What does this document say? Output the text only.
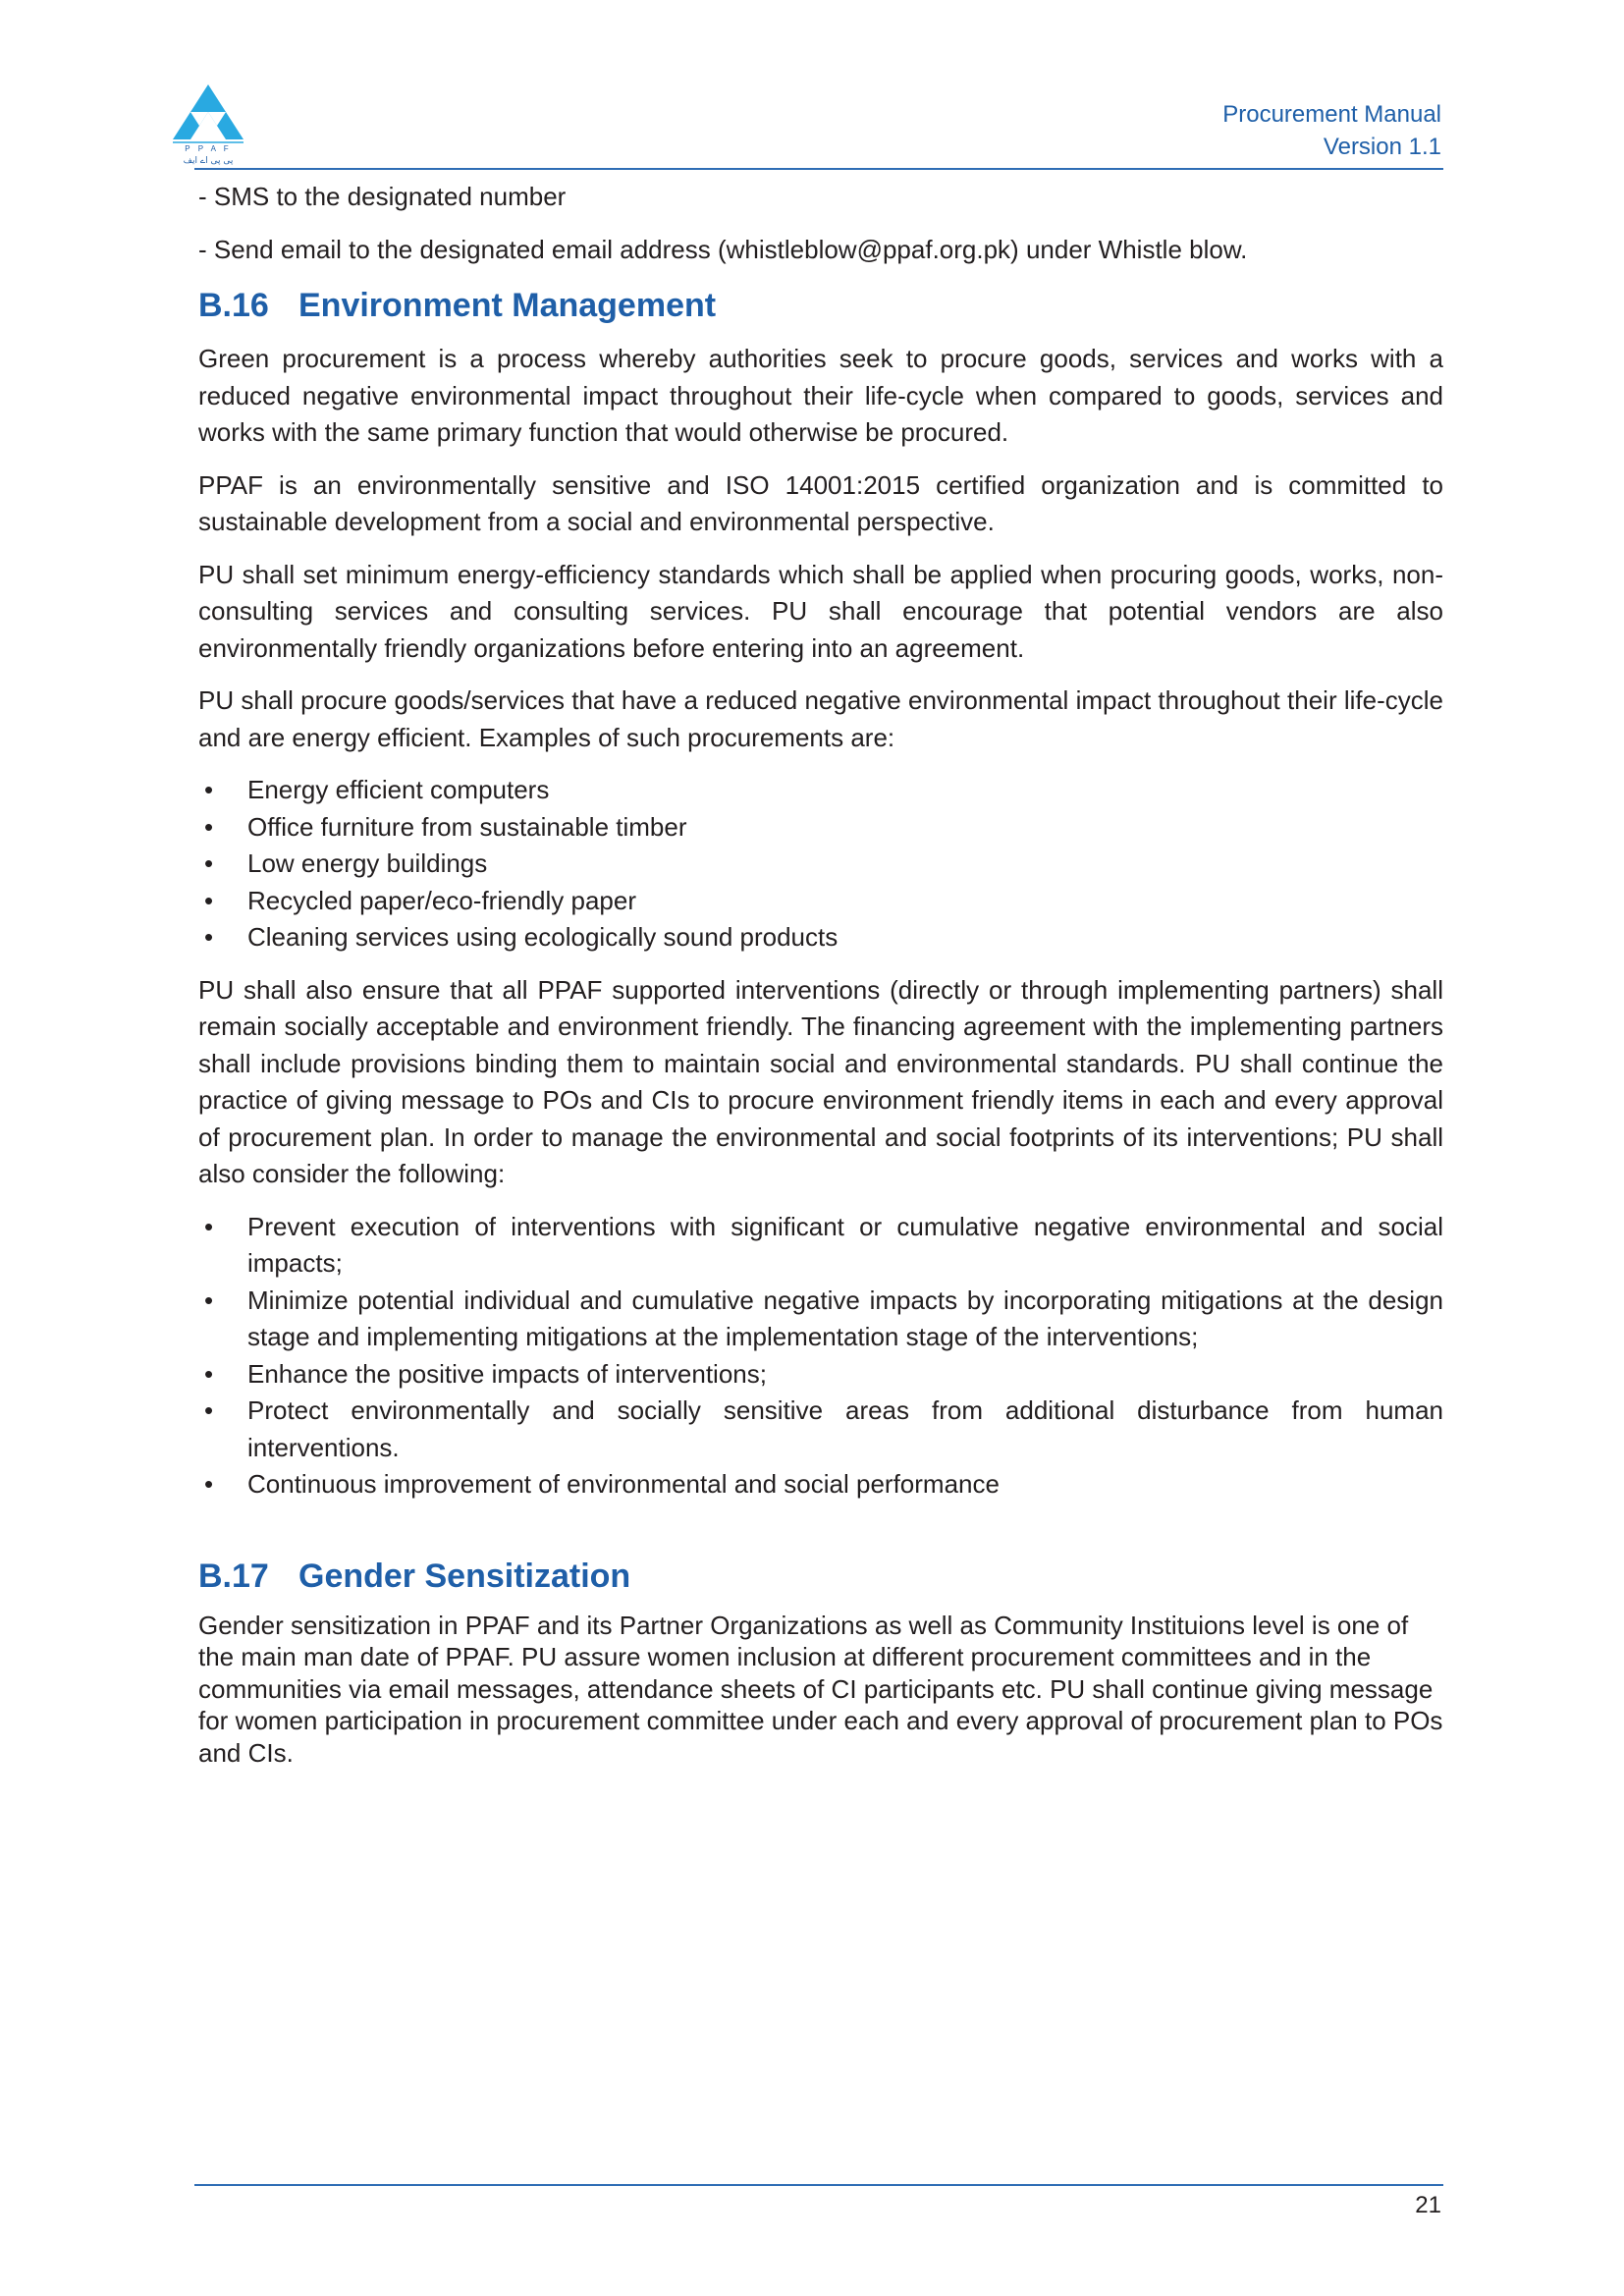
P P A F
پی پی اے ایف
Procurement Manual
Version 1.1

- SMS to the designated number

- Send email to the designated email address (whistleblow@ppaf.org.pk) under Whistle blow.

B.16 Environment Management

Green procurement is a process whereby authorities seek to procure goods, services and works with a reduced negative environmental impact throughout their life-cycle when compared to goods, services and works with the same primary function that would otherwise be procured.

PPAF is an environmentally sensitive and ISO 14001:2015 certified organization and is committed to sustainable development from a social and environmental perspective.

PU shall set minimum energy-efficiency standards which shall be applied when procuring goods, works, non-consulting services and consulting services. PU shall encourage that potential vendors are also environmentally friendly organizations before entering into an agreement.

PU shall procure goods/services that have a reduced negative environmental impact throughout their life-cycle and are energy efficient. Examples of such procurements are:

• Energy efficient computers
• Office furniture from sustainable timber
• Low energy buildings
• Recycled paper/eco-friendly paper
• Cleaning services using ecologically sound products

PU shall also ensure that all PPAF supported interventions (directly or through implementing partners) shall remain socially acceptable and environment friendly. The financing agreement with the implementing partners shall include provisions binding them to maintain social and environmental standards. PU shall continue the practice of giving message to POs and CIs to procure environment friendly items in each and every approval of procurement plan. In order to manage the environmental and social footprints of its interventions; PU shall also consider the following:

• Prevent execution of interventions with significant or cumulative negative environmental and social impacts;
• Minimize potential individual and cumulative negative impacts by incorporating mitigations at the design stage and implementing mitigations at the implementation stage of the interventions;
• Enhance the positive impacts of interventions;
• Protect environmentally and socially sensitive areas from additional disturbance from human interventions.
• Continuous improvement of environmental and social performance
B.17 Gender Sensitization

Gender sensitization in PPAF and its Partner Organizations as well as Community Instituions level is one of the main man date of PPAF. PU assure women inclusion at different procurement committees and in the communities via email messages, attendance sheets of CI participants etc. PU shall continue giving message for women participation in procurement committee under each and every approval of procurement plan to POs and CIs.

21
